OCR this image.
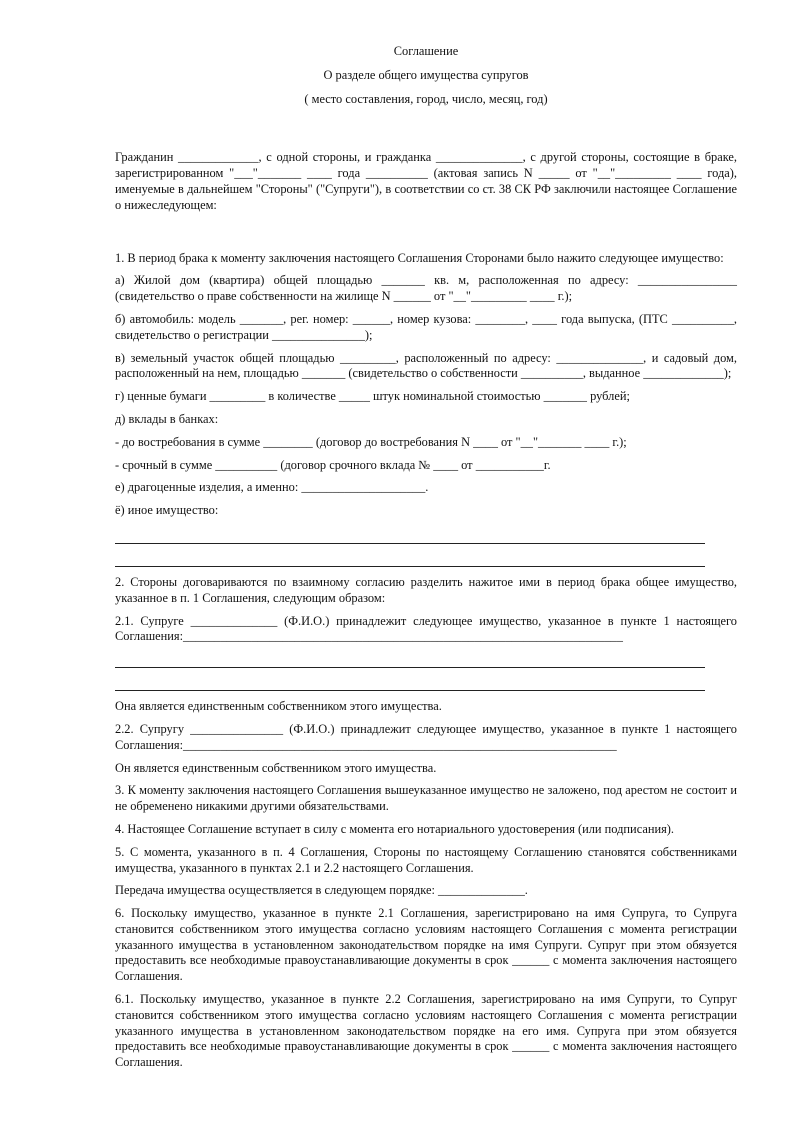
Соглашение

О разделе общего имущества супругов

( место составления, город, число, месяц, год)

Гражданин _____________, с одной стороны, и гражданка ______________, с другой стороны, состоящие в браке, зарегистрированном "___"_______ ____ года __________ (актовая запись N _____ от "__"_________ ____ года), именуемые в дальнейшем "Стороны" ("Супруги"), в соответствии со ст. 38 СК РФ заключили настоящее Соглашение о нижеследующем:

1. В период брака к моменту заключения настоящего Соглашения Сторонами было нажито следующее имущество:

а) Жилой дом (квартира) общей площадью _______ кв. м, расположенная по адресу: ________________ (свидетельство о праве собственности на жилище N ______ от "__"_________ ____ г.);

б) автомобиль: модель _______, рег. номер: ______, номер кузова: ________, ____ года выпуска, (ПТС __________, свидетельство о регистрации _______________);

в) земельный участок общей площадью _________, расположенный по адресу: ______________, и садовый дом, расположенный на нем, площадью _______ (свидетельство о собственности __________, выданное _____________);

г) ценные бумаги _________ в количестве _____ штук номинальной стоимостью _______ рублей;

д) вклады в банках:

- до востребования в сумме ________ (договор до востребования N ____ от "__"_______ ____ г.);

- срочный в сумме __________ (договор срочного вклада № ____ от ___________г.

е) драгоценные изделия, а именно: ____________________.

ё) иное имущество:

2. Стороны договариваются по взаимному согласию разделить нажитое ими в период брака общее имущество, указанное в п. 1 Соглашения, следующим образом:

2.1. Супруге ______________ (Ф.И.О.) принадлежит следующее имущество, указанное в пункте 1 настоящего Соглашения:_______________________________________________________________________

Она является единственным собственником этого имущества.

2.2. Супругу _______________ (Ф.И.О.) принадлежит следующее имущество, указанное в пункте 1 настоящего Соглашения:______________________________________________________________________

Он является единственным собственником этого имущества.

3. К моменту заключения настоящего Соглашения вышеуказанное имущество не заложено, под арестом не состоит и не обременено никакими другими обязательствами.

4. Настоящее Соглашение вступает в силу с момента его нотариального удостоверения (или подписания).

5. С момента, указанного в п. 4 Соглашения, Стороны по настоящему Соглашению становятся собственниками имущества, указанного в пунктах 2.1 и 2.2 настоящего Соглашения.

Передача имущества осуществляется в следующем порядке: ______________.

6. Поскольку имущество, указанное в пункте 2.1 Соглашения, зарегистрировано на имя Супруга, то Супруга становится собственником этого имущества согласно условиям настоящего Соглашения с момента регистрации указанного имущества в установленном законодательством порядке на имя Супруги. Супруг при этом обязуется предоставить все необходимые правоустанавливающие документы в срок ______ с момента заключения настоящего Соглашения.

6.1. Поскольку имущество, указанное в пункте 2.2 Соглашения, зарегистрировано на имя Супруги, то Супруг становится собственником этого имущества согласно условиям настоящего Соглашения с момента регистрации указанного имущества в установленном законодательством порядке на его имя. Супруга при этом обязуется предоставить все необходимые правоустанавливающие документы в срок ______ с момента заключения настоящего Соглашения.
